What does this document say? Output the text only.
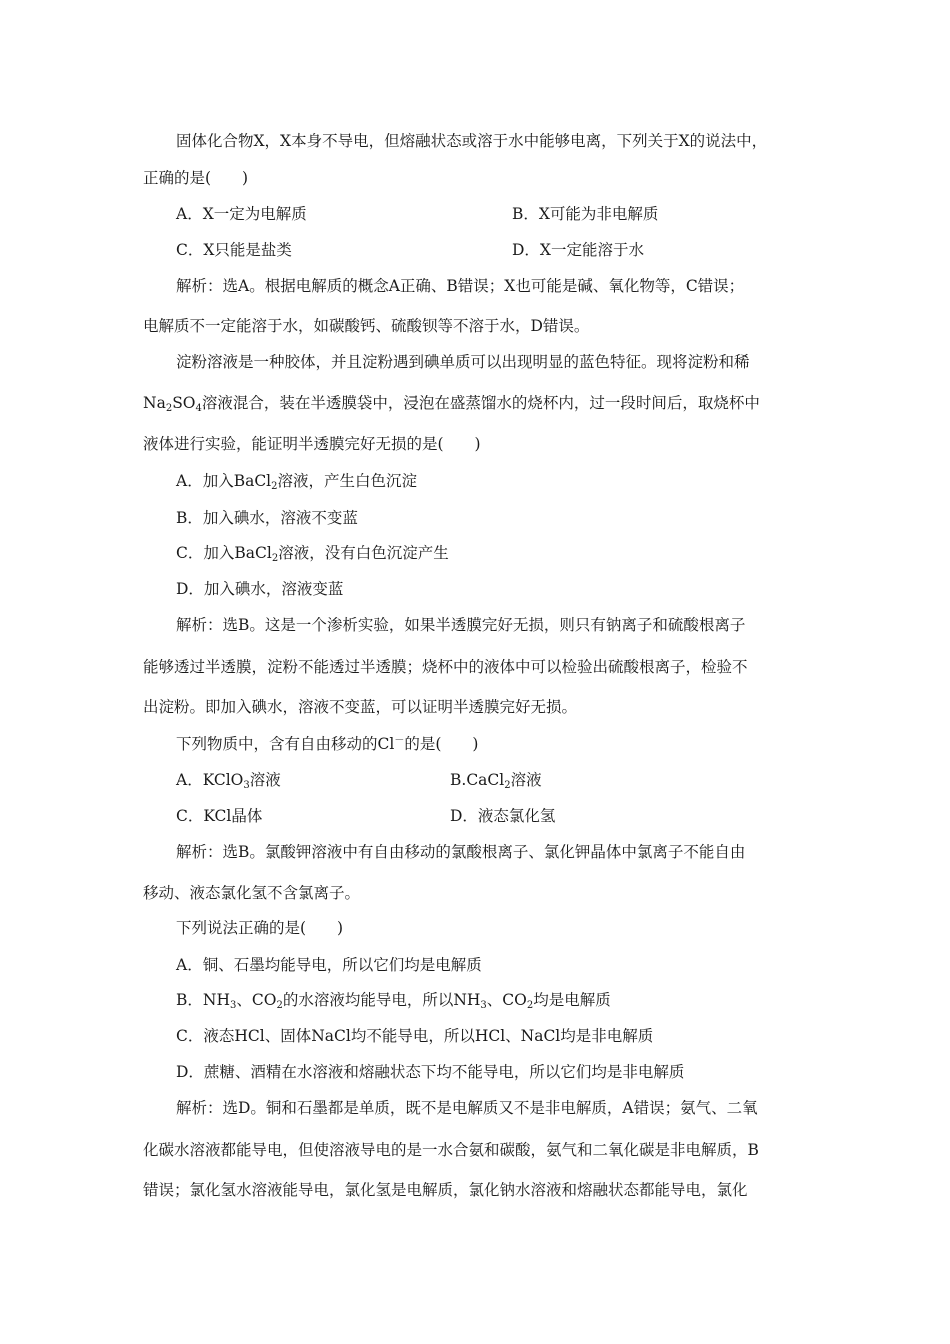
固体化合物X，X本身不导电，但熔融状态或溶于水中能够电离，下列关于X的说法中，
正确的是(　　)
A．X一定为电解质	B．X可能为非电解质
C．X只能是盐类	D．X一定能溶于水
解析：选A。根据电解质的概念A正确、B错误；X也可能是碱、氧化物等，C错误；
电解质不一定能溶于水，如碳酸钙、硫酸钡等不溶于水，D错误。
淀粉溶液是一种胶体，并且淀粉遇到碘单质可以出现明显的蓝色特征。现将淀粉和稀
$Na_2SO_4$溶液混合，装在半透膜袋中，浸泡在盛蒸馏水的烧杯内，过一段时间后，取烧杯中
液体进行实验，能证明半透膜完好无损的是(　　)
A．加入BaCl$_2$溶液，产生白色沉淀
B．加入碘水，溶液不变蓝
C．加入BaCl$_2$溶液，没有白色沉淀产生
D．加入碘水，溶液变蓝
解析：选B。这是一个渗析实验，如果半透膜完好无损，则只有钠离子和硫酸根离子
能够透过半透膜，淀粉不能透过半透膜；烧杯中的液体中可以检验出硫酸根离子，检验不
出淀粉。即加入碘水，溶液不变蓝，可以证明半透膜完好无损。
下列物质中，含有自由移动的Cl－的是(　　)
A．KClO$_3$溶液	B.CaCl$_2$溶液
C．KCl晶体	D．液态氯化氢
解析：选B。氯酸钾溶液中有自由移动的氯酸根离子、氯化钾晶体中氯离子不能自由
移动、液态氯化氢不含氯离子。
下列说法正确的是(　　)
A．铜、石墨均能导电，所以它们均是电解质
B．$NH_3$、$CO_2$的水溶液均能导电，所以$NH_3$、$CO_2$均是电解质
C．液态HCl、固体NaCl均不能导电，所以HCl、NaCl均是非电解质
D．蔗糖、酒精在水溶液和熔融状态下均不能导电，所以它们均是非电解质
解析：选D。铜和石墨都是单质，既不是电解质又不是非电解质，A错误；氨气、二氧
化碳水溶液都能导电，但使溶液导电的是一水合氨和碳酸，氨气和二氧化碳是非电解质，B
错误；氯化氢水溶液能导电，氯化氢是电解质，氯化钠水溶液和熔融状态都能导电，氯化
